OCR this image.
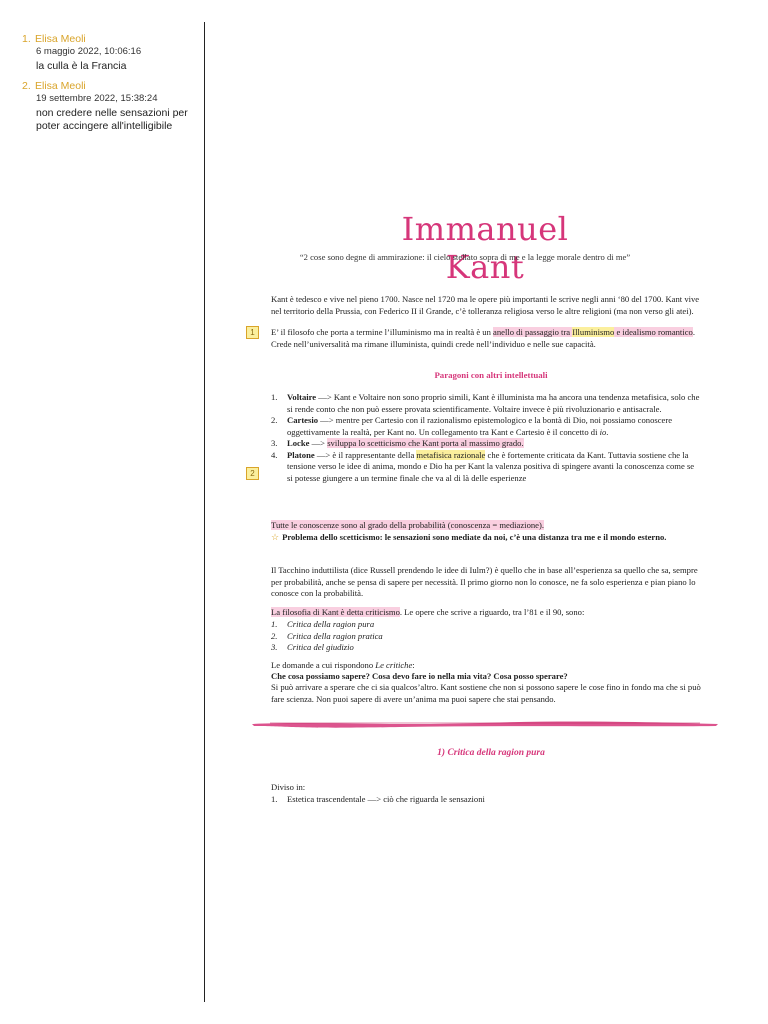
1. Elisa Meoli
6 maggio 2022, 10:06:16
la culla è la Francia
2. Elisa Meoli
19 settembre 2022, 15:38:24
non credere nelle sensazioni per poter accingere all'intelligibile
Immanuel Kant
“2 cose sono degne di ammirazione: il cielo stellato sopra di me e la legge morale dentro di me”
Kant è tedesco e vive nel pieno 1700. Nasce nel 1720 ma le opere più importanti le scrive negli anni ‘80 del 1700. Kant vive nel territorio della Prussia, con Federico II il Grande, c’è tolleranza religiosa verso le altre religioni (ma non verso gli atei).
1	E’ il filosofo che porta a termine l’illuminismo ma in realtà è un anello di passaggio tra Illuminismo e idealismo romantico. Crede nell’universalità ma rimane illuminista, quindi crede nell’individuo e nelle sue capacità.
Paragoni con altri intellettuali
1. Voltaire —> Kant e Voltaire non sono proprio simili, Kant è illuminista ma ha ancora una tendenza metafisica, solo che si rende conto che non può essere provata scientificamente. Voltaire invece è più rivoluzionario e antisacrale.
2. Cartesio —> mentre per Cartesio con il razionalismo epistemologico e la bontà di Dio, noi possiamo conoscere oggettivamente la realtà, per Kant no. Un collegamento tra Kant e Cartesio è il concetto di io.
3. Locke —> sviluppa lo scetticismo che Kant porta al massimo grado.
4. Platone —> è il rappresentante della metafisica razionale che è fortemente criticata da Kant. Tuttavia sostiene che la tensione verso le idee di anima, mondo e Dio ha per Kant la valenza positiva di spingere avanti la conoscenza come se si potesse giungere a un termine finale che va al di là delle esperienze
2
Tutte le conoscenze sono al grado della probabilità (conoscenza = mediazione).
☆ Problema dello scetticismo: le sensazioni sono mediate da noi, c’è una distanza tra me e il mondo esterno.
Il Tacchino induttilista (dice Russell prendendo le idee di Iulm?) è quello che in base all’esperienza sa quello che sa, sempre per probabilità, anche se pensa di sapere per necessità. Il primo giorno non lo conosce, ne fa solo esperienza e pian piano lo conosce con la probabilità.
La filosofia di Kant è detta criticismo. Le opere che scrive a riguardo, tra l’81 e il 90, sono:
1. Critica della ragion pura
2. Critica della ragion pratica
3. Critica del giudizio
Le domande a cui rispondono Le critiche:
Che cosa possiamo sapere? Cosa devo fare io nella mia vita? Cosa posso sperare?
Si può arrivare a sperare che ci sia qualcos’altro. Kant sostiene che non si possono sapere le cose fino in fondo ma che si può fare scienza. Non puoi sapere di avere un’anima ma puoi sapere che stai pensando.
1) Critica della ragion pura
Diviso in:
1. Estetica trascendentale —> ciò che riguarda le sensazioni
